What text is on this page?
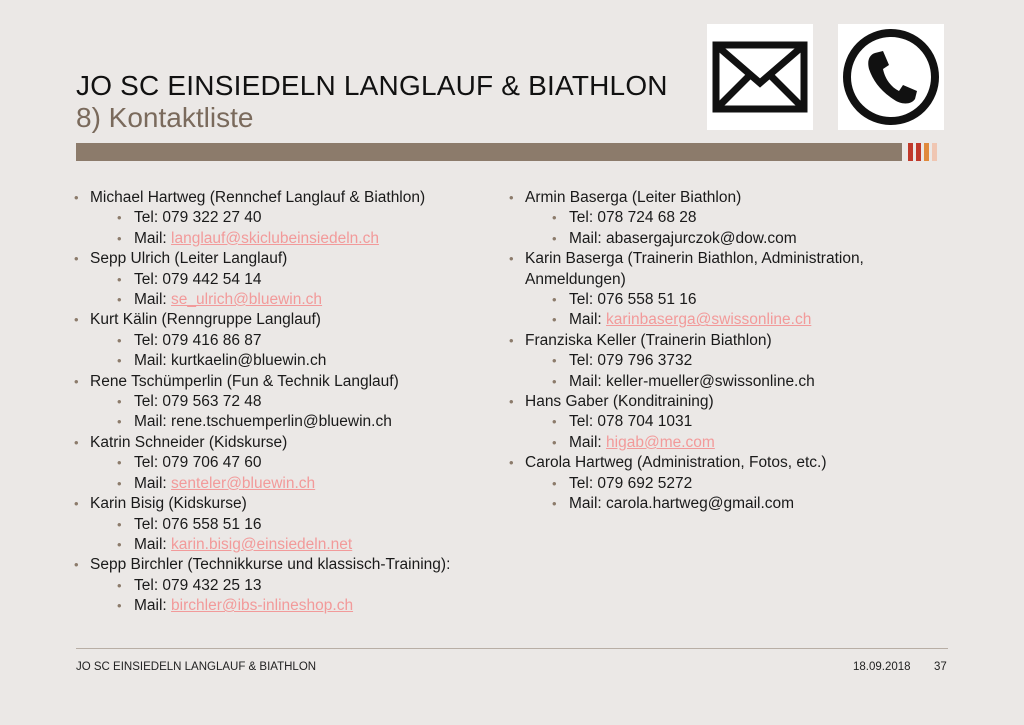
JO SC EINSIEDELN LANGLAUF & BIATHLON
8) Kontaktliste
• Michael Hartweg (Rennchef Langlauf & Biathlon)
• Tel: 079 322 27 40
• Mail: langlauf@skiclubeinsiedeln.ch
• Sepp Ulrich (Leiter Langlauf)
• Tel: 079 442 54 14
• Mail: se_ulrich@bluewin.ch
• Kurt Kälin (Renngruppe Langlauf)
• Tel: 079 416 86 87
• Mail: kurtkaelin@bluewin.ch
• Rene Tschümperlin (Fun & Technik Langlauf)
• Tel: 079 563 72 48
• Mail: rene.tschuemperlin@bluewin.ch
• Katrin Schneider (Kidskurse)
• Tel: 079 706 47 60
• Mail: senteler@bluewin.ch
• Karin Bisig (Kidskurse)
• Tel: 076 558 51 16
• Mail: karin.bisig@einsiedeln.net
• Sepp Birchler (Technikkurse und klassisch-Training):
• Tel: 079 432 25 13
• Mail: birchler@ibs-inlineshop.ch
• Armin Baserga (Leiter Biathlon)
• Tel: 078 724 68 28
• Mail: abasergajurczok@dow.com
• Karin Baserga (Trainerin Biathlon, Administration, Anmeldungen)
• Tel: 076 558 51 16
• Mail: karinbaserga@swissonline.ch
• Franziska Keller (Trainerin Biathlon)
• Tel: 079 796 3732
• Mail: keller-mueller@swissonline.ch
• Hans Gaber (Konditraining)
• Tel: 078 704 1031
• Mail: higab@me.com
• Carola Hartweg (Administration, Fotos, etc.)
• Tel: 079 692 5272
• Mail: carola.hartweg@gmail.com
JO SC EINSIEDELN LANGLAUF & BIATHLON	18.09.2018 37
